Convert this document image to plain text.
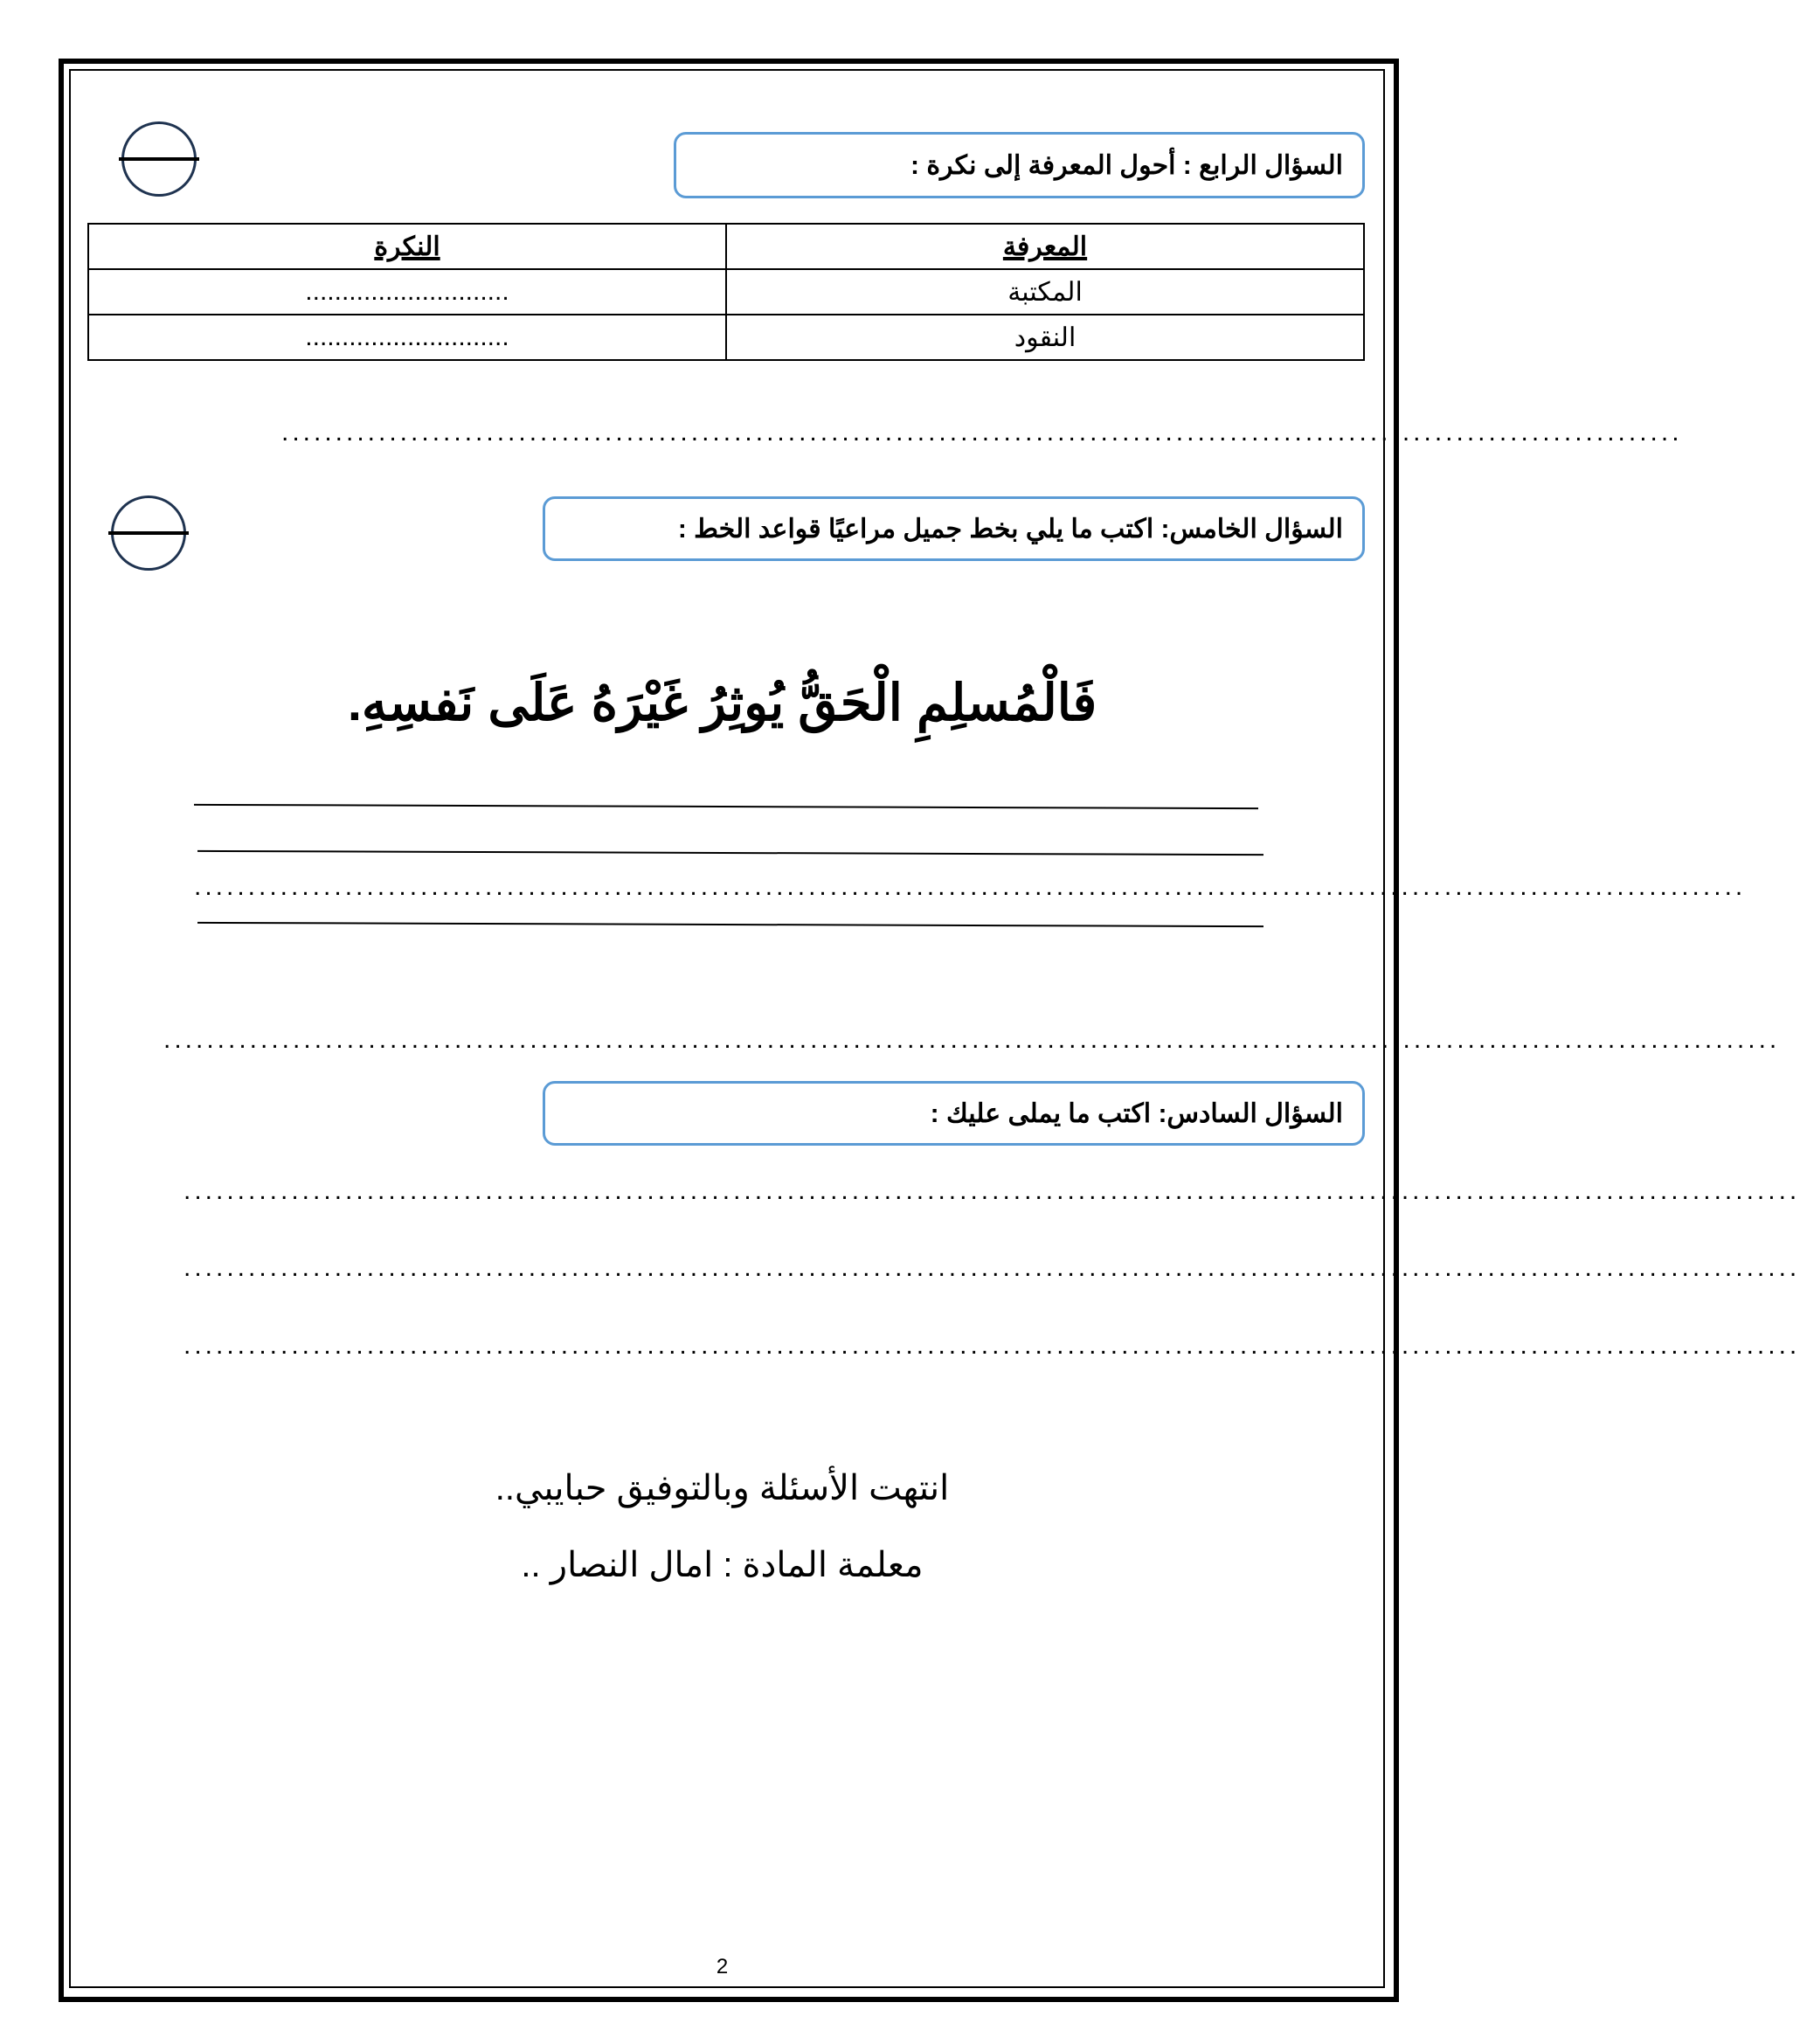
السؤال الرابع : أحول المعرفة إلى نكرة :
المعرفة	النكرة
المكتبة	............................
النقود	............................
..................................................................................................................................
السؤال الخامس: اكتب ما يلي بخط جميل مراعيًا قواعد الخط :
فَالْمُسلِمِ الْحَقُّ يُوثِرُ غَيْرَهُ عَلَى نَفسِهِ.
................................................................................................................................................
......................................................................................................................................................
السؤال السادس: اكتب ما يملى عليك :
......................................................................................................................................................
......................................................................................................................................................
......................................................................................................................................................
انتهت الأسئلة وبالتوفيق حبايبي..
معلمة المادة : امال النصار ..
2
